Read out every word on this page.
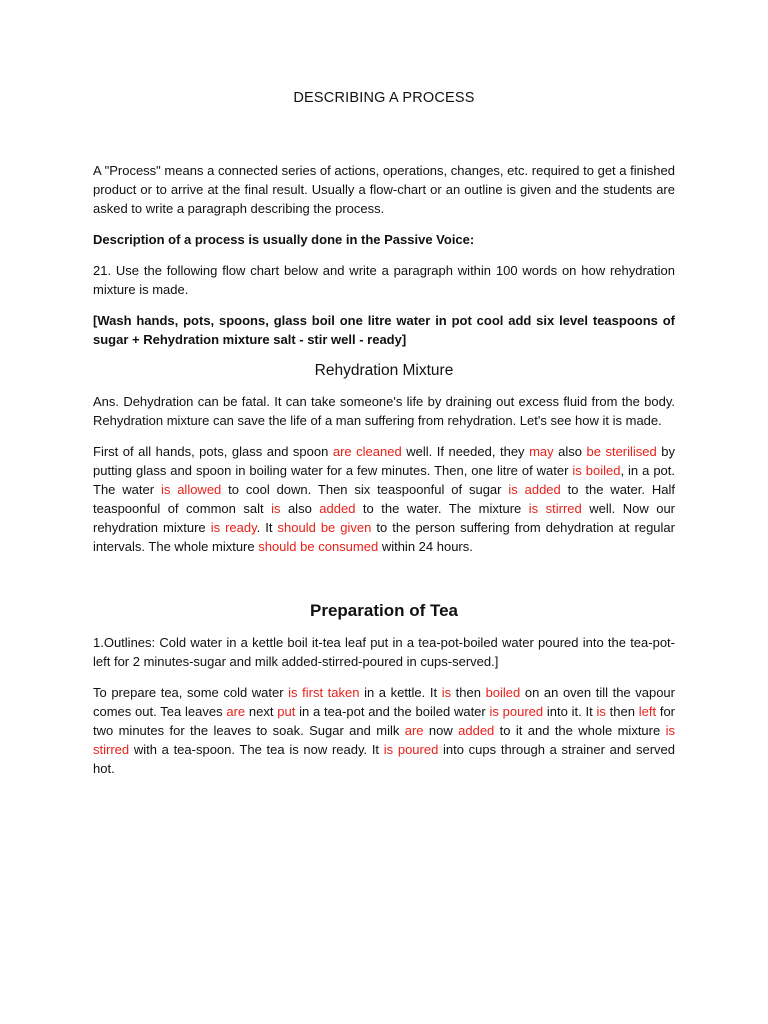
DESCRIBING A PROCESS

A "Process" means a connected series of actions, operations, changes, etc. required to get a finished product or to arrive at the final result. Usually a flow-chart or an outline is given and the students are asked to write a paragraph describing the process.

Description of a process is usually done in the Passive Voice:

21. Use the following flow chart below and write a paragraph within 100 words on how rehydration mixture is made.

[Wash hands, pots, spoons, glass boil one litre water in pot cool add six level teaspoons of sugar + Rehydration mixture salt - stir well - ready]

Rehydration Mixture

Ans. Dehydration can be fatal. It can take someone's life by draining out excess fluid from the body. Rehydration mixture can save the life of a man suffering from rehydration. Let's see how it is made.

First of all hands, pots, glass and spoon are cleaned well. If needed, they may also be sterilised by putting glass and spoon in boiling water for a few minutes. Then, one litre of water is boiled, in a pot. The water is allowed to cool down. Then six teaspoonful of sugar is added to the water. Half teaspoonful of common salt is also added to the water. The mixture is stirred well. Now our rehydration mixture is ready. It should be given to the person suffering from dehydration at regular intervals. The whole mixture should be consumed within 24 hours.

Preparation of Tea

1.Outlines: Cold water in a kettle boil it-tea leaf put in a tea-pot-boiled water poured into the tea-pot-left for 2 minutes-sugar and milk added-stirred-poured in cups-served.]

To prepare tea, some cold water is first taken in a kettle. It is then boiled on an oven till the vapour comes out. Tea leaves are next put in a tea-pot and the boiled water is poured into it. It is then left for two minutes for the leaves to soak. Sugar and milk are now added to it and the whole mixture is stirred with a tea-spoon. The tea is now ready. It is poured into cups through a strainer and served hot.
